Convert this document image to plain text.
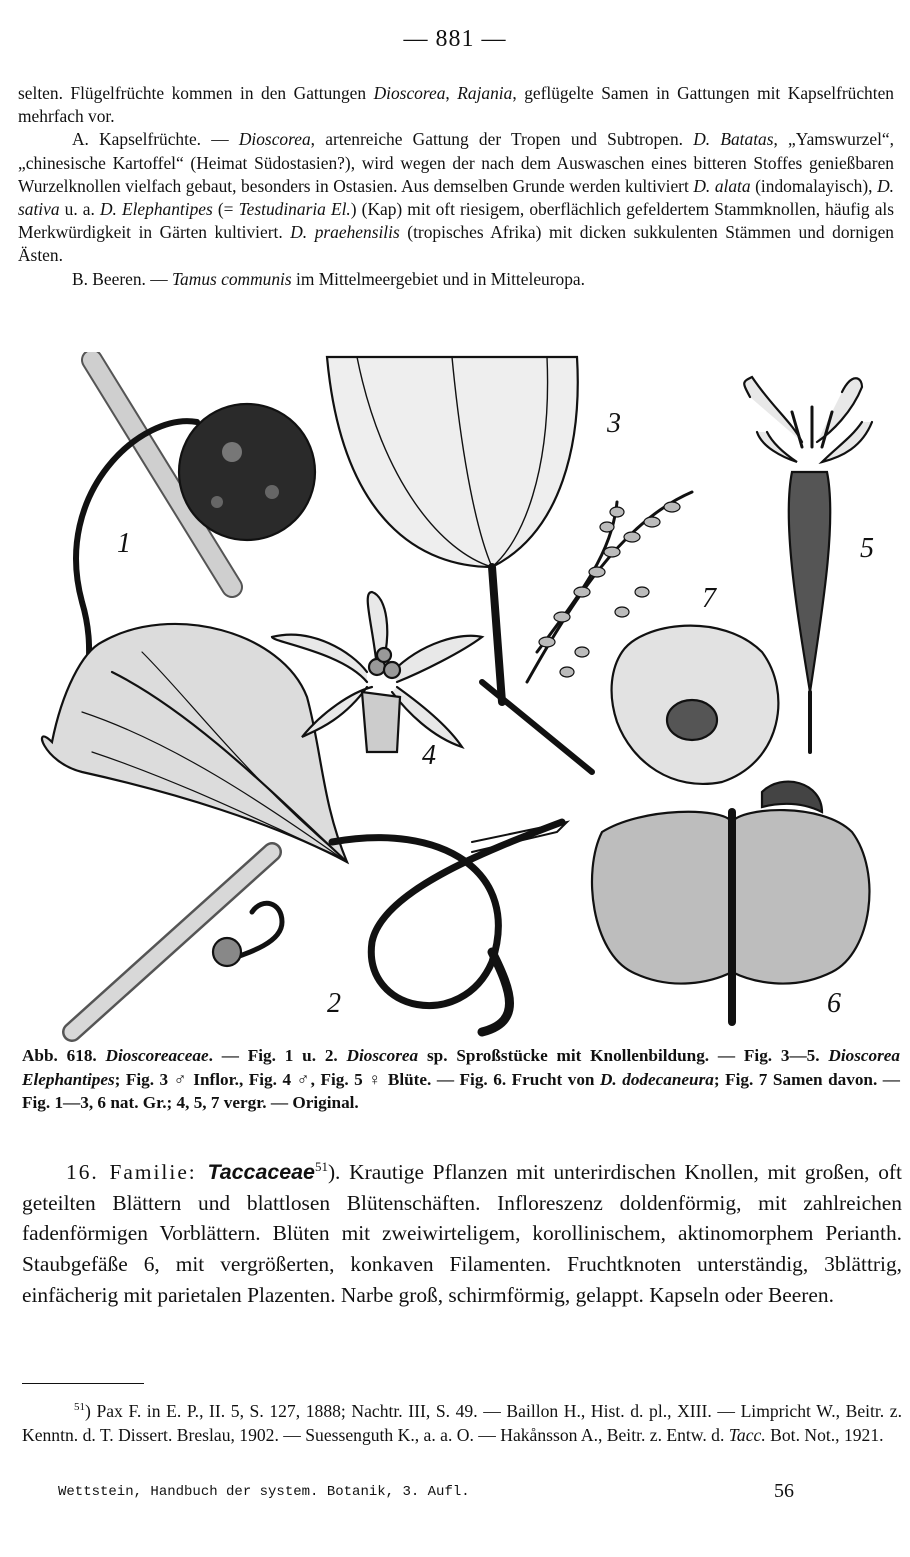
— 881 —

selten. Flügelfrüchte kommen in den Gattungen Dioscorea, Rajania, geflügelte Samen in Gattungen mit Kapselfrüchten mehrfach vor.

A. Kapselfrüchte. — Dioscorea, artenreiche Gattung der Tropen und Subtropen. D. Batatas, „Yamswurzel“, „chinesische Kartoffel“ (Heimat Südostasien?), wird wegen der nach dem Auswaschen eines bitteren Stoffes genießbaren Wurzelknollen vielfach gebaut, besonders in Ostasien. Aus demselben Grunde werden kultiviert D. alata (indomalayisch), D. sativa u. a. D. Elephantipes (= Testudinaria El.) (Kap) mit oft riesigem, oberflächlich gefeldertem Stammknollen, häufig als Merkwürdigkeit in Gärten kultiviert. D. praehensilis (tropisches Afrika) mit dicken sukkulenten Stämmen und dornigen Ästen.

B. Beeren. — Tamus communis im Mittelmeergebiet und in Mitteleuropa.

1
2
3
4
5
6
7
Abb. 618. Dioscoreaceae. — Fig. 1 u. 2. Dioscorea sp. Sproßstücke mit Knollenbildung. — Fig. 3—5. Dioscorea Elephantipes; Fig. 3 ♂ Inflor., Fig. 4 ♂, Fig. 5 ♀ Blüte. — Fig. 6. Frucht von D. dodecaneura; Fig. 7 Samen davon. — Fig. 1—3, 6 nat. Gr.; 4, 5, 7 vergr. — Original.

16. Familie: Taccaceae$^{51}$). Krautige Pflanzen mit unterirdischen Knollen, mit großen, oft geteilten Blättern und blattlosen Blütenschäften. Infloreszenz doldenförmig, mit zahlreichen fadenförmigen Vorblättern. Blüten mit zweiwirteligem, korollinischem, aktinomorphem Perianth. Staubgefäße 6, mit vergrößerten, konkaven Filamenten. Fruchtknoten unterständig, 3blättrig, einfächerig mit parietalen Plazenten. Narbe groß, schirmförmig, gelappt. Kapseln oder Beeren.

$^{51}$) Pax F. in E. P., II. 5, S. 127, 1888; Nachtr. III, S. 49. — Baillon H., Hist. d. pl., XIII. — Limpricht W., Beitr. z. Kenntn. d. T. Dissert. Breslau, 1902. — Suessenguth K., a. a. O. — Hakånsson A., Beitr. z. Entw. d. Tacc. Bot. Not., 1921.

Wettstein, Handbuch der system. Botanik, 3. Aufl.	56
